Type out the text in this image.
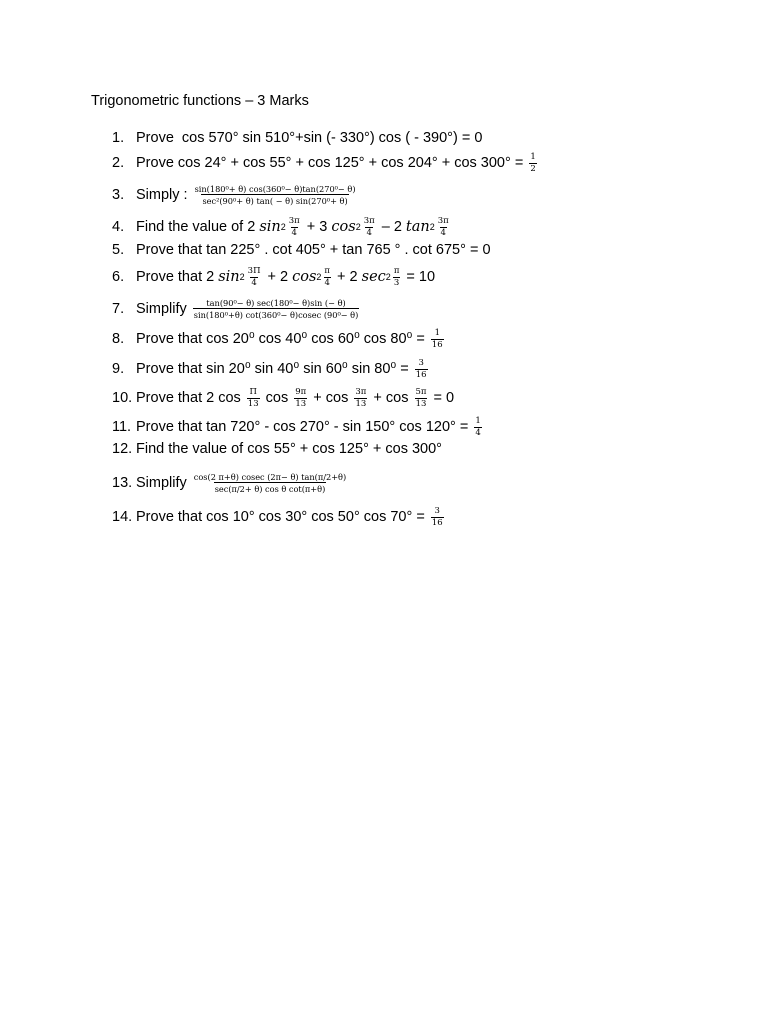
Trigonometric functions – 3 Marks
1. Prove  cos 570° sin 510°+sin (- 330°) cos ( - 390°) = 0
2. Prove $\cos 24^\circ + \cos 55^\circ + \cos 125^\circ + \cos 204^\circ + \cos 300^\circ = \frac{1}{2}$
3. Simply : $\frac{\text{sin(180⁰+ θ) cos(360⁰− θ)tan(270⁰− θ)}}{\text{sec²(90⁰+ θ) tan( − θ) sin(270⁰+ θ)}}$
4. Find the value of 2 $\sin 2 \frac{3\pi}{4} + 3$ $\cos 2 \frac{3\pi}{4} - 2$ $\tan 2 \frac{3\pi}{4}$
5. Prove that tan 225° . cot 405° + tan 765 ° . cot 675° = 0
6. Prove that 2 $\sin 2 \frac{3\Pi}{4} + 2$ $\cos 2 \frac{\pi}{4} + 2$ $\sec 2 \frac{\pi}{3} = 10$
7. Simplify $\frac{\text{tan(90⁰− θ) sec(180⁰− θ)sin (− θ)}}{\text{sin(180⁰+θ) cot(360⁰− θ)cosec (90⁰− θ)}}$
8. Prove that cos 20⁰ cos 40⁰ cos 60⁰ $\cos 80^0 = \frac{1}{16}$
9. Prove that sin 20⁰ sin 40⁰ sin 60⁰ $\sin 80^0 = \frac{3}{16}$
10. Prove that 2 $\cos \frac{\Pi}{13}$ $\cos \frac{9\pi}{13} + \cos \frac{3\pi}{13} + \cos \frac{5\pi}{13} = 0$
11. Prove that tan 720° - cos 270° - sin 150° $\cos 120^\circ = \frac{1}{4}$
12. Find the value of cos 55° + cos 125° + cos 300°
13. Simplify $\frac{\cos(2 \pi+\theta) cosec (2\pi- \theta) \tan(\pi/2+\theta)}{\text{sec(π/2+ θ) cos θ cot(π+θ)}}$
14. Prove that cos 10° cos 30° cos 50° $\cos 70^\circ = \frac{3}{16}$
